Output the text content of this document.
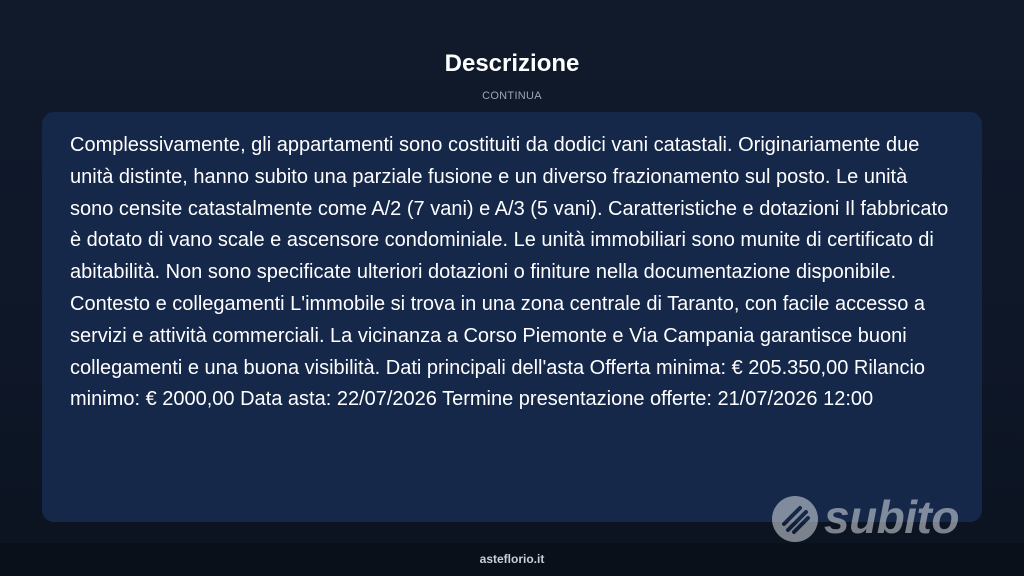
Descrizione
CONTINUA

Complessivamente, gli appartamenti sono costituiti da dodici vani catastali. Originariamente due unità distinte, hanno subito una parziale fusione e un diverso frazionamento sul posto. Le unità sono censite catastalmente come A/2 (7 vani) e A/3 (5 vani). Caratteristiche e dotazioni Il fabbricato è dotato di vano scale e ascensore condominiale. Le unità immobiliari sono munite di certificato di abitabilità. Non sono specificate ulteriori dotazioni o finiture nella documentazione disponibile. Contesto e collegamenti L'immobile si trova in una zona centrale di Taranto, con facile accesso a servizi e attività commerciali. La vicinanza a Corso Piemonte e Via Campania garantisce buoni collegamenti e una buona visibilità. Dati principali dell'asta Offerta minima: € 205.350,00 Rilancio minimo: € 2000,00 Data asta: 22/07/2026 Termine presentazione offerte: 21/07/2026 12:00

subito
asteflorio.it
